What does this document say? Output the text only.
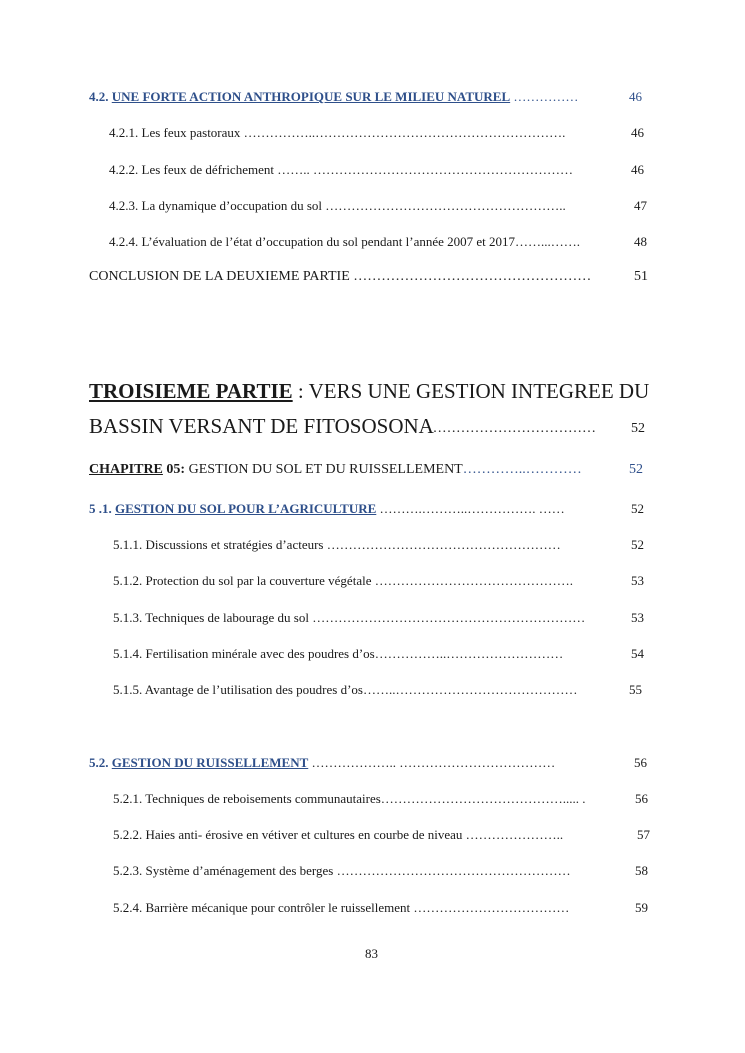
4.2. UNE FORTE ACTION ANTHROPIQUE SUR LE MILIEU NATUREL ……………	46
4.2.1. Les feux pastoraux ……………..………………………………………………….	46
4.2.2. Les feux de défrichement …….. ……………………………………………………	46
4.2.3. La dynamique d’occupation du sol ………………………………………………..	47
4.2.4. L’évaluation de l’état d’occupation du sol pendant l’année 2007 et 2017……...…….	48
CONCLUSION DE LA DEUXIEME PARTIE ……………………………………………	51
TROISIEME PARTIE : VERS UNE GESTION INTEGREE DU
BASSIN VERSANT DE FITOSOSONA
………………………………	52
CHAPITRE 05: GESTION DU SOL ET DU RUISSELLEMENT…………..…………	52
5 .1. GESTION DU SOL POUR L’AGRICULTURE ……….………..……………. ……	52
5.1.1. Discussions et stratégies d’acteurs ………………………………………………	52
5.1.2. Protection du sol par la couverture végétale ……………………………………….	53
5.1.3. Techniques de labourage du sol ………………………………………………………	53
5.1.4. Fertilisation minérale avec des poudres d’os……………..………………………	54
5.1.5. Avantage de l’utilisation des poudres d’os……..……………………………………	55
5.2. GESTION DU RUISSELLEMENT ……………….. ………………………………	56
5.2.1. Techniques de reboisements communautaires……………………………………..... .	56
5.2.2. Haies anti- érosive en vétiver et cultures en courbe de niveau …………………..	57
5.2.3. Système d’aménagement des berges ………………………………………………	58
5.2.4. Barrière mécanique pour contrôler le ruissellement ………………………………	59
83
